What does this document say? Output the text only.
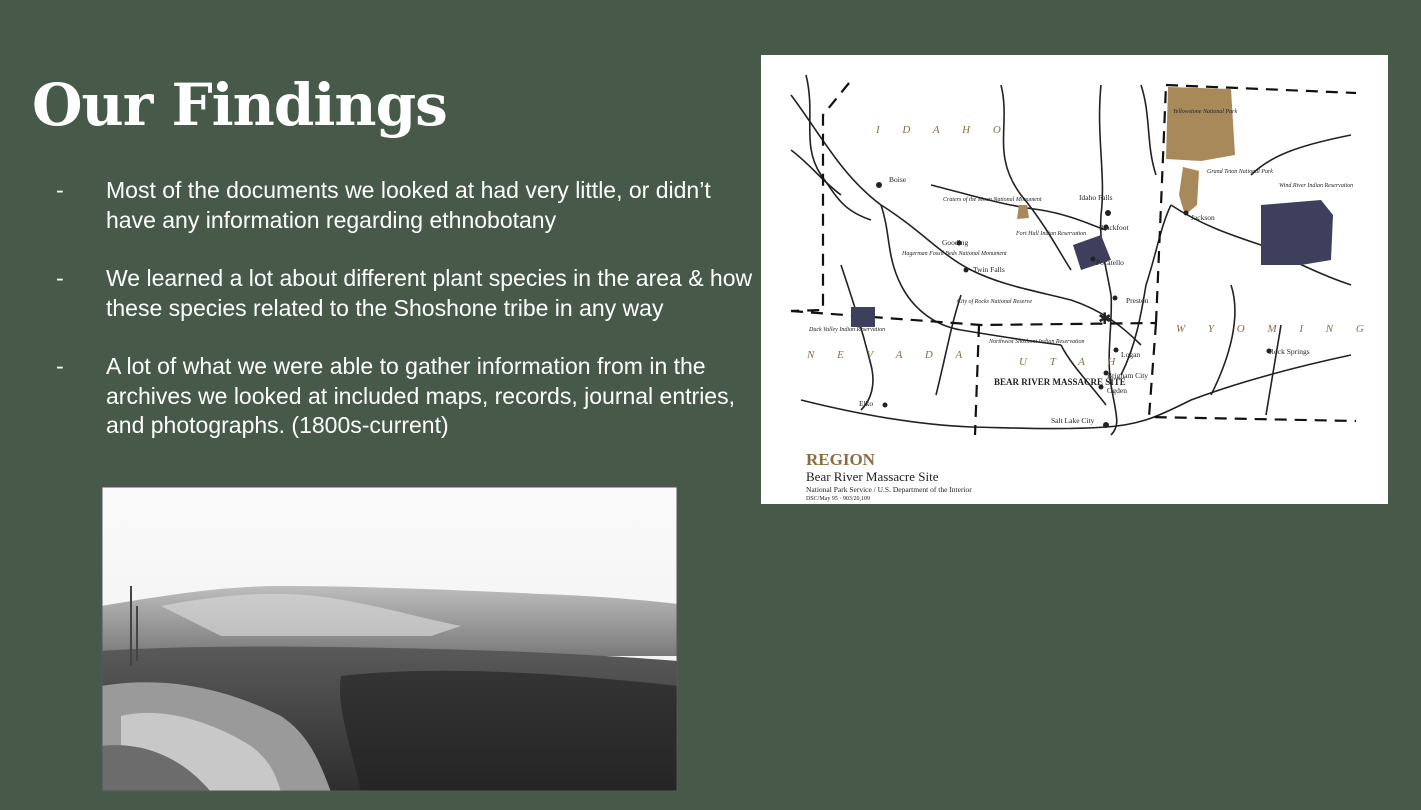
Our Findings
-	Most of the documents we looked at had very little, or didn’t have any information regarding ethnobotany
-	We learned a lot about different plant species in the area & how these species related to the Shoshone tribe in any way
-	A lot of what we were able to gather information from in the archives we looked at included maps, records, journal entries, and photographs. (1800s-current)
✱
I D A H O
N E V A D A
U T A H
W Y O M I N G
Boise
Craters of the Moon National Monument
Gooding
Hagerman Fossil Beds National Monument
Twin Falls
City of Rocks National Reserve
Fort Hall Indian Reservation
Idaho Falls
Blackfoot
Pocatello
Preston
Logan
Brigham City
Ogden
Salt Lake City
Duck Valley Indian Reservation
Elko
Northwest Shoshoni Indian Reservation
Yellowstone National Park
Grand Teton National Park
Jackson
Wind River Indian Reservation
Rock Springs
BEAR RIVER MASSACRE SITE
REGION
Bear River Massacre Site
National Park Service / U.S. Department of the Interior
DSC/May 95 · 903/20,109
